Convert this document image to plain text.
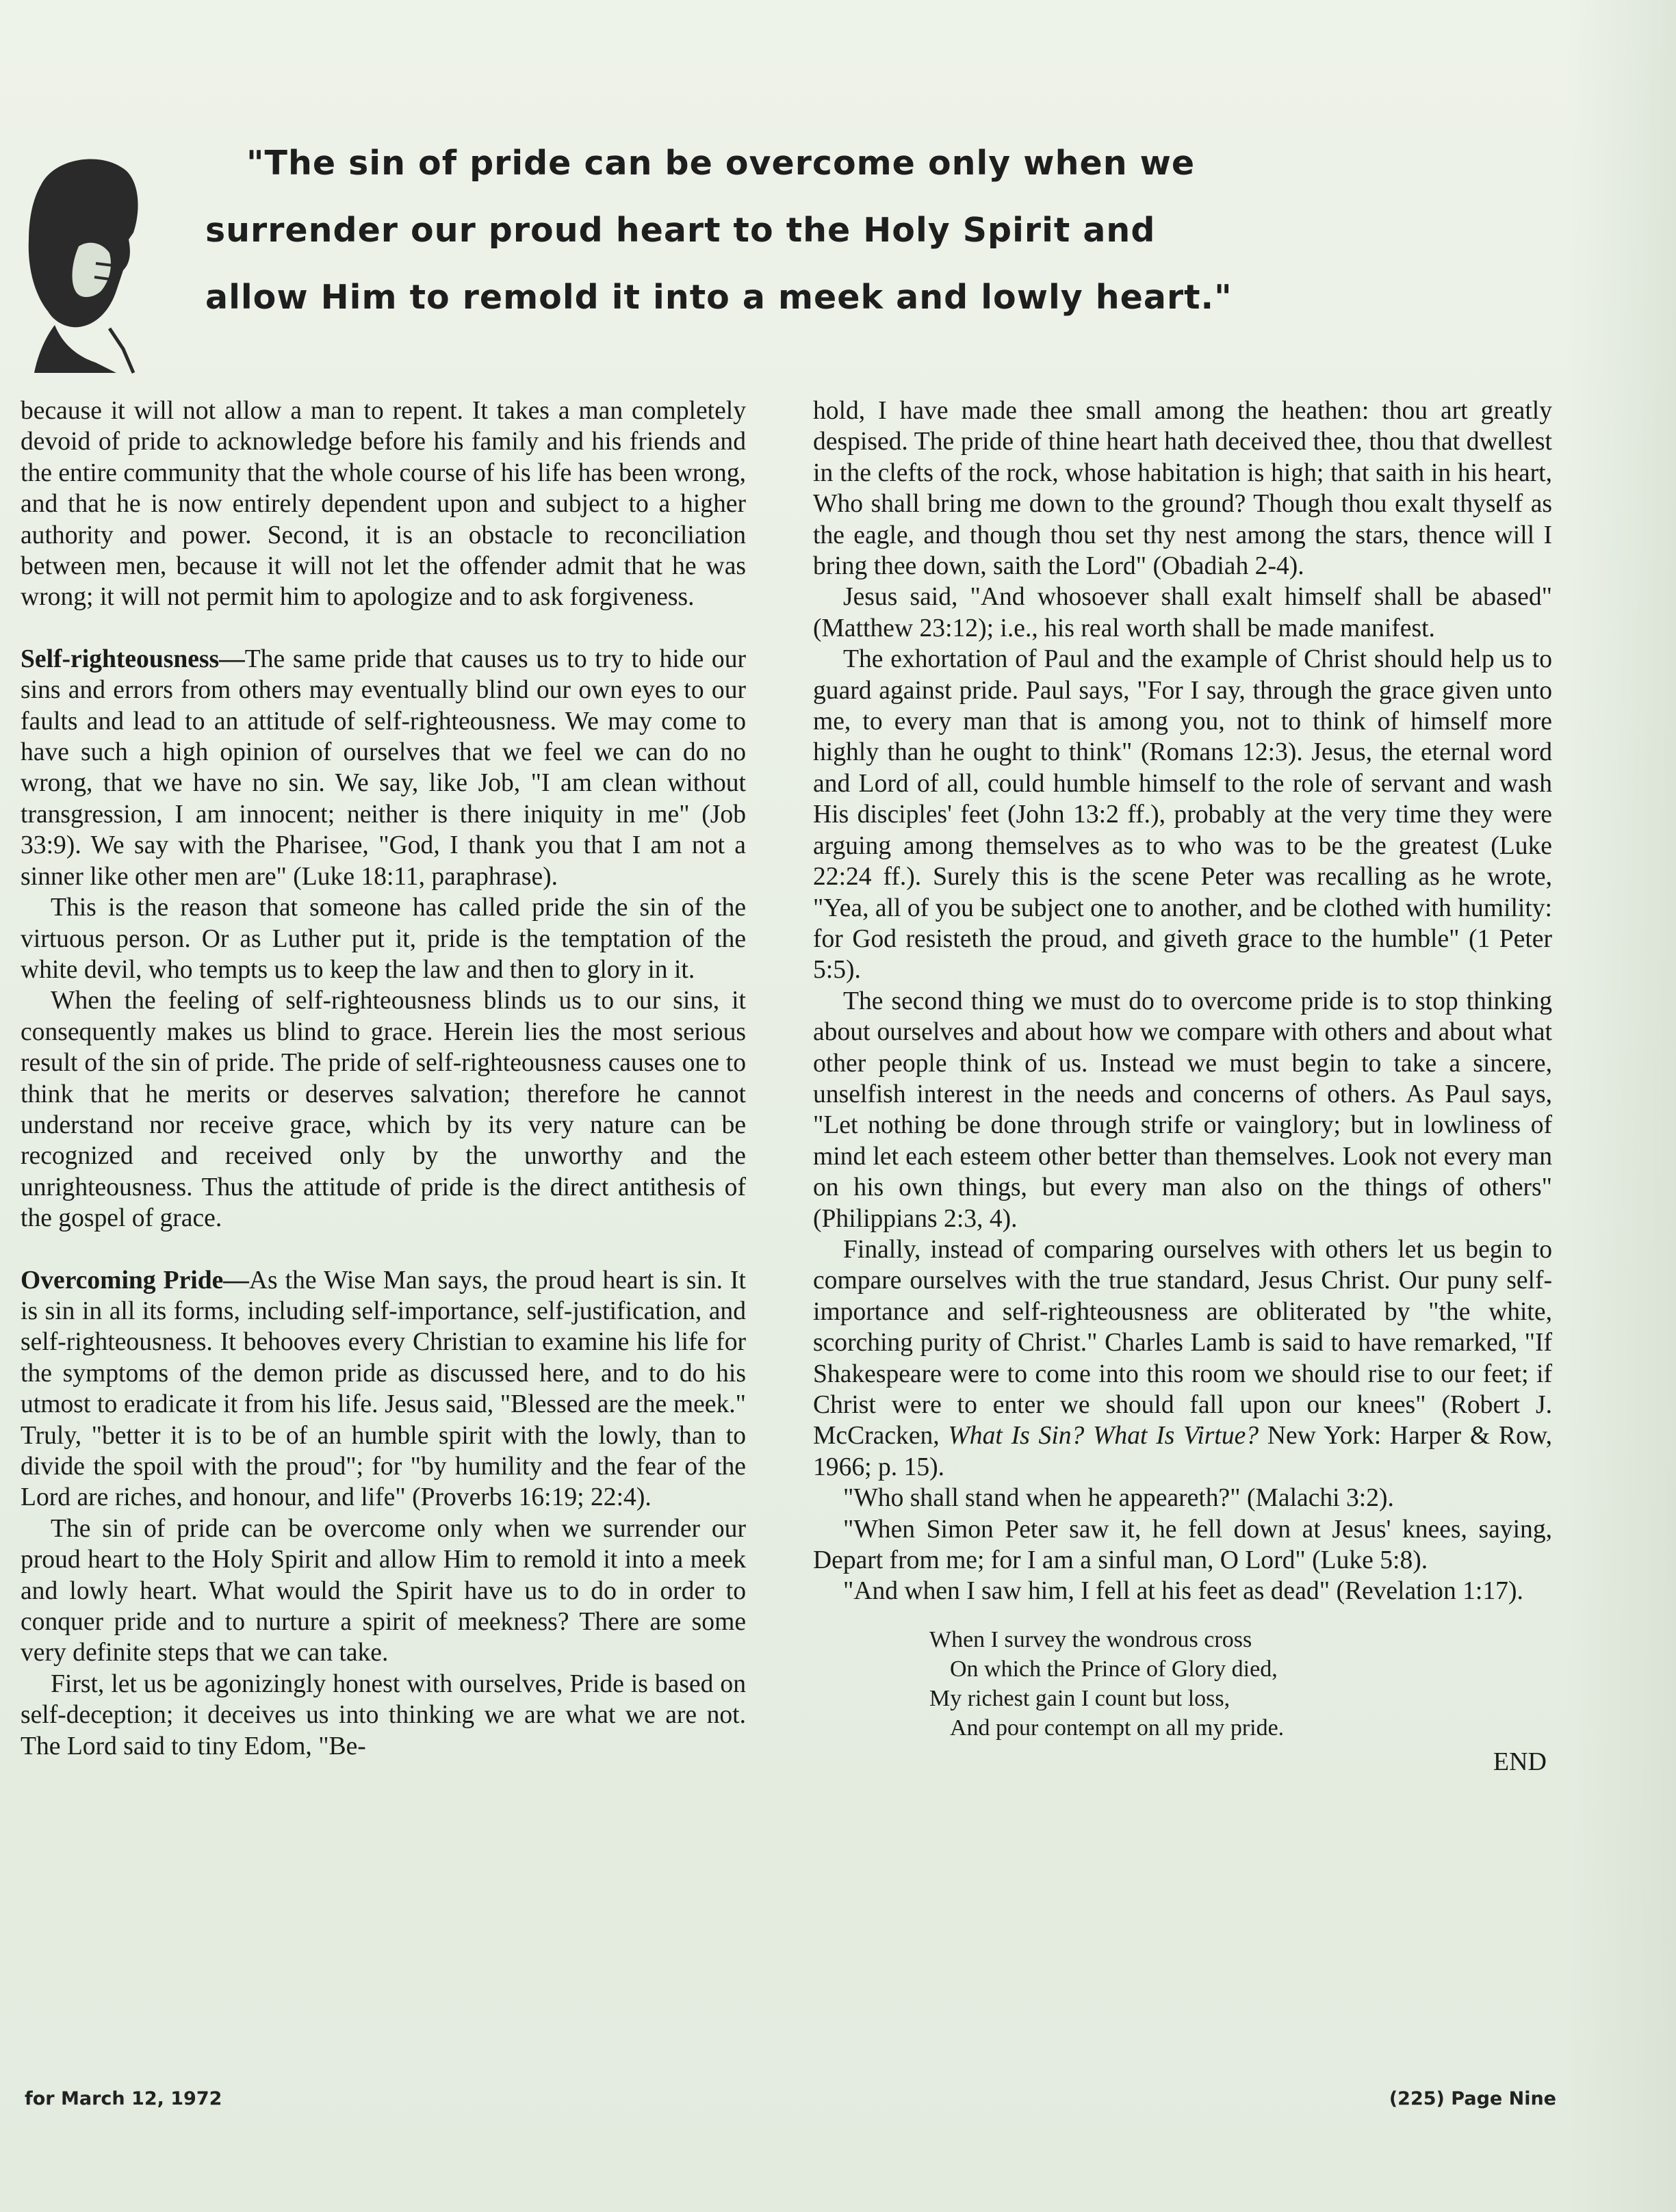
"The sin of pride can be overcome only when we
surrender our proud heart to the Holy Spirit and
allow Him to remold it into a meek and lowly heart."

because it will not allow a man to repent. It takes a man completely devoid of pride to acknowledge before his family and his friends and the entire community that the whole course of his life has been wrong, and that he is now entirely dependent upon and subject to a higher authority and power. Second, it is an obstacle to reconciliation between men, because it will not let the offender admit that he was wrong; it will not permit him to apologize and to ask forgiveness.

Self-righteousness—The same pride that causes us to try to hide our sins and errors from others may eventually blind our own eyes to our faults and lead to an attitude of self-righteousness. We may come to have such a high opinion of ourselves that we feel we can do no wrong, that we have no sin. We say, like Job, "I am clean without transgression, I am innocent; neither is there iniquity in me" (Job 33:9). We say with the Pharisee, "God, I thank you that I am not a sinner like other men are" (Luke 18:11, paraphrase).

This is the reason that someone has called pride the sin of the virtuous person. Or as Luther put it, pride is the temptation of the white devil, who tempts us to keep the law and then to glory in it.

When the feeling of self-righteousness blinds us to our sins, it consequently makes us blind to grace. Herein lies the most serious result of the sin of pride. The pride of self-righteousness causes one to think that he merits or deserves salvation; therefore he cannot understand nor receive grace, which by its very nature can be recognized and received only by the unworthy and the unrighteousness. Thus the attitude of pride is the direct antithesis of the gospel of grace.

Overcoming Pride—As the Wise Man says, the proud heart is sin. It is sin in all its forms, including self-importance, self-justification, and self-righteousness. It behooves every Christian to examine his life for the symptoms of the demon pride as discussed here, and to do his utmost to eradicate it from his life. Jesus said, "Blessed are the meek." Truly, "better it is to be of an humble spirit with the lowly, than to divide the spoil with the proud"; for "by humility and the fear of the Lord are riches, and honour, and life" (Proverbs 16:19; 22:4).

The sin of pride can be overcome only when we surrender our proud heart to the Holy Spirit and allow Him to remold it into a meek and lowly heart. What would the Spirit have us to do in order to conquer pride and to nurture a spirit of meekness? There are some very definite steps that we can take.

First, let us be agonizingly honest with ourselves, Pride is based on self-deception; it deceives us into thinking we are what we are not. The Lord said to tiny Edom, "Be-

hold, I have made thee small among the heathen: thou art greatly despised. The pride of thine heart hath deceived thee, thou that dwellest in the clefts of the rock, whose habitation is high; that saith in his heart, Who shall bring me down to the ground? Though thou exalt thyself as the eagle, and though thou set thy nest among the stars, thence will I bring thee down, saith the Lord" (Obadiah 2-4).

Jesus said, "And whosoever shall exalt himself shall be abased" (Matthew 23:12); i.e., his real worth shall be made manifest.

The exhortation of Paul and the example of Christ should help us to guard against pride. Paul says, "For I say, through the grace given unto me, to every man that is among you, not to think of himself more highly than he ought to think" (Romans 12:3). Jesus, the eternal word and Lord of all, could humble himself to the role of servant and wash His disciples' feet (John 13:2 ff.), probably at the very time they were arguing among themselves as to who was to be the greatest (Luke 22:24 ff.). Surely this is the scene Peter was recalling as he wrote, "Yea, all of you be subject one to another, and be clothed with humility: for God resisteth the proud, and giveth grace to the humble" (1 Peter 5:5).

The second thing we must do to overcome pride is to stop thinking about ourselves and about how we compare with others and about what other people think of us. Instead we must begin to take a sincere, unselfish interest in the needs and concerns of others. As Paul says, "Let nothing be done through strife or vainglory; but in lowliness of mind let each esteem other better than themselves. Look not every man on his own things, but every man also on the things of others" (Philippians 2:3, 4).

Finally, instead of comparing ourselves with others let us begin to compare ourselves with the true standard, Jesus Christ. Our puny self-importance and self-righteousness are obliterated by "the white, scorching purity of Christ." Charles Lamb is said to have remarked, "If Shakespeare were to come into this room we should rise to our feet; if Christ were to enter we should fall upon our knees" (Robert J. McCracken, What Is Sin? What Is Virtue? New York: Harper & Row, 1966; p. 15).

"Who shall stand when he appeareth?" (Malachi 3:2).

"When Simon Peter saw it, he fell down at Jesus' knees, saying, Depart from me; for I am a sinful man, O Lord" (Luke 5:8).

"And when I saw him, I fell at his feet as dead" (Revelation 1:17).

When I survey the wondrous cross
On which the Prince of Glory died,
My richest gain I count but loss,
And pour contempt on all my pride.
END
for March 12, 1972	(225) Page Nine
